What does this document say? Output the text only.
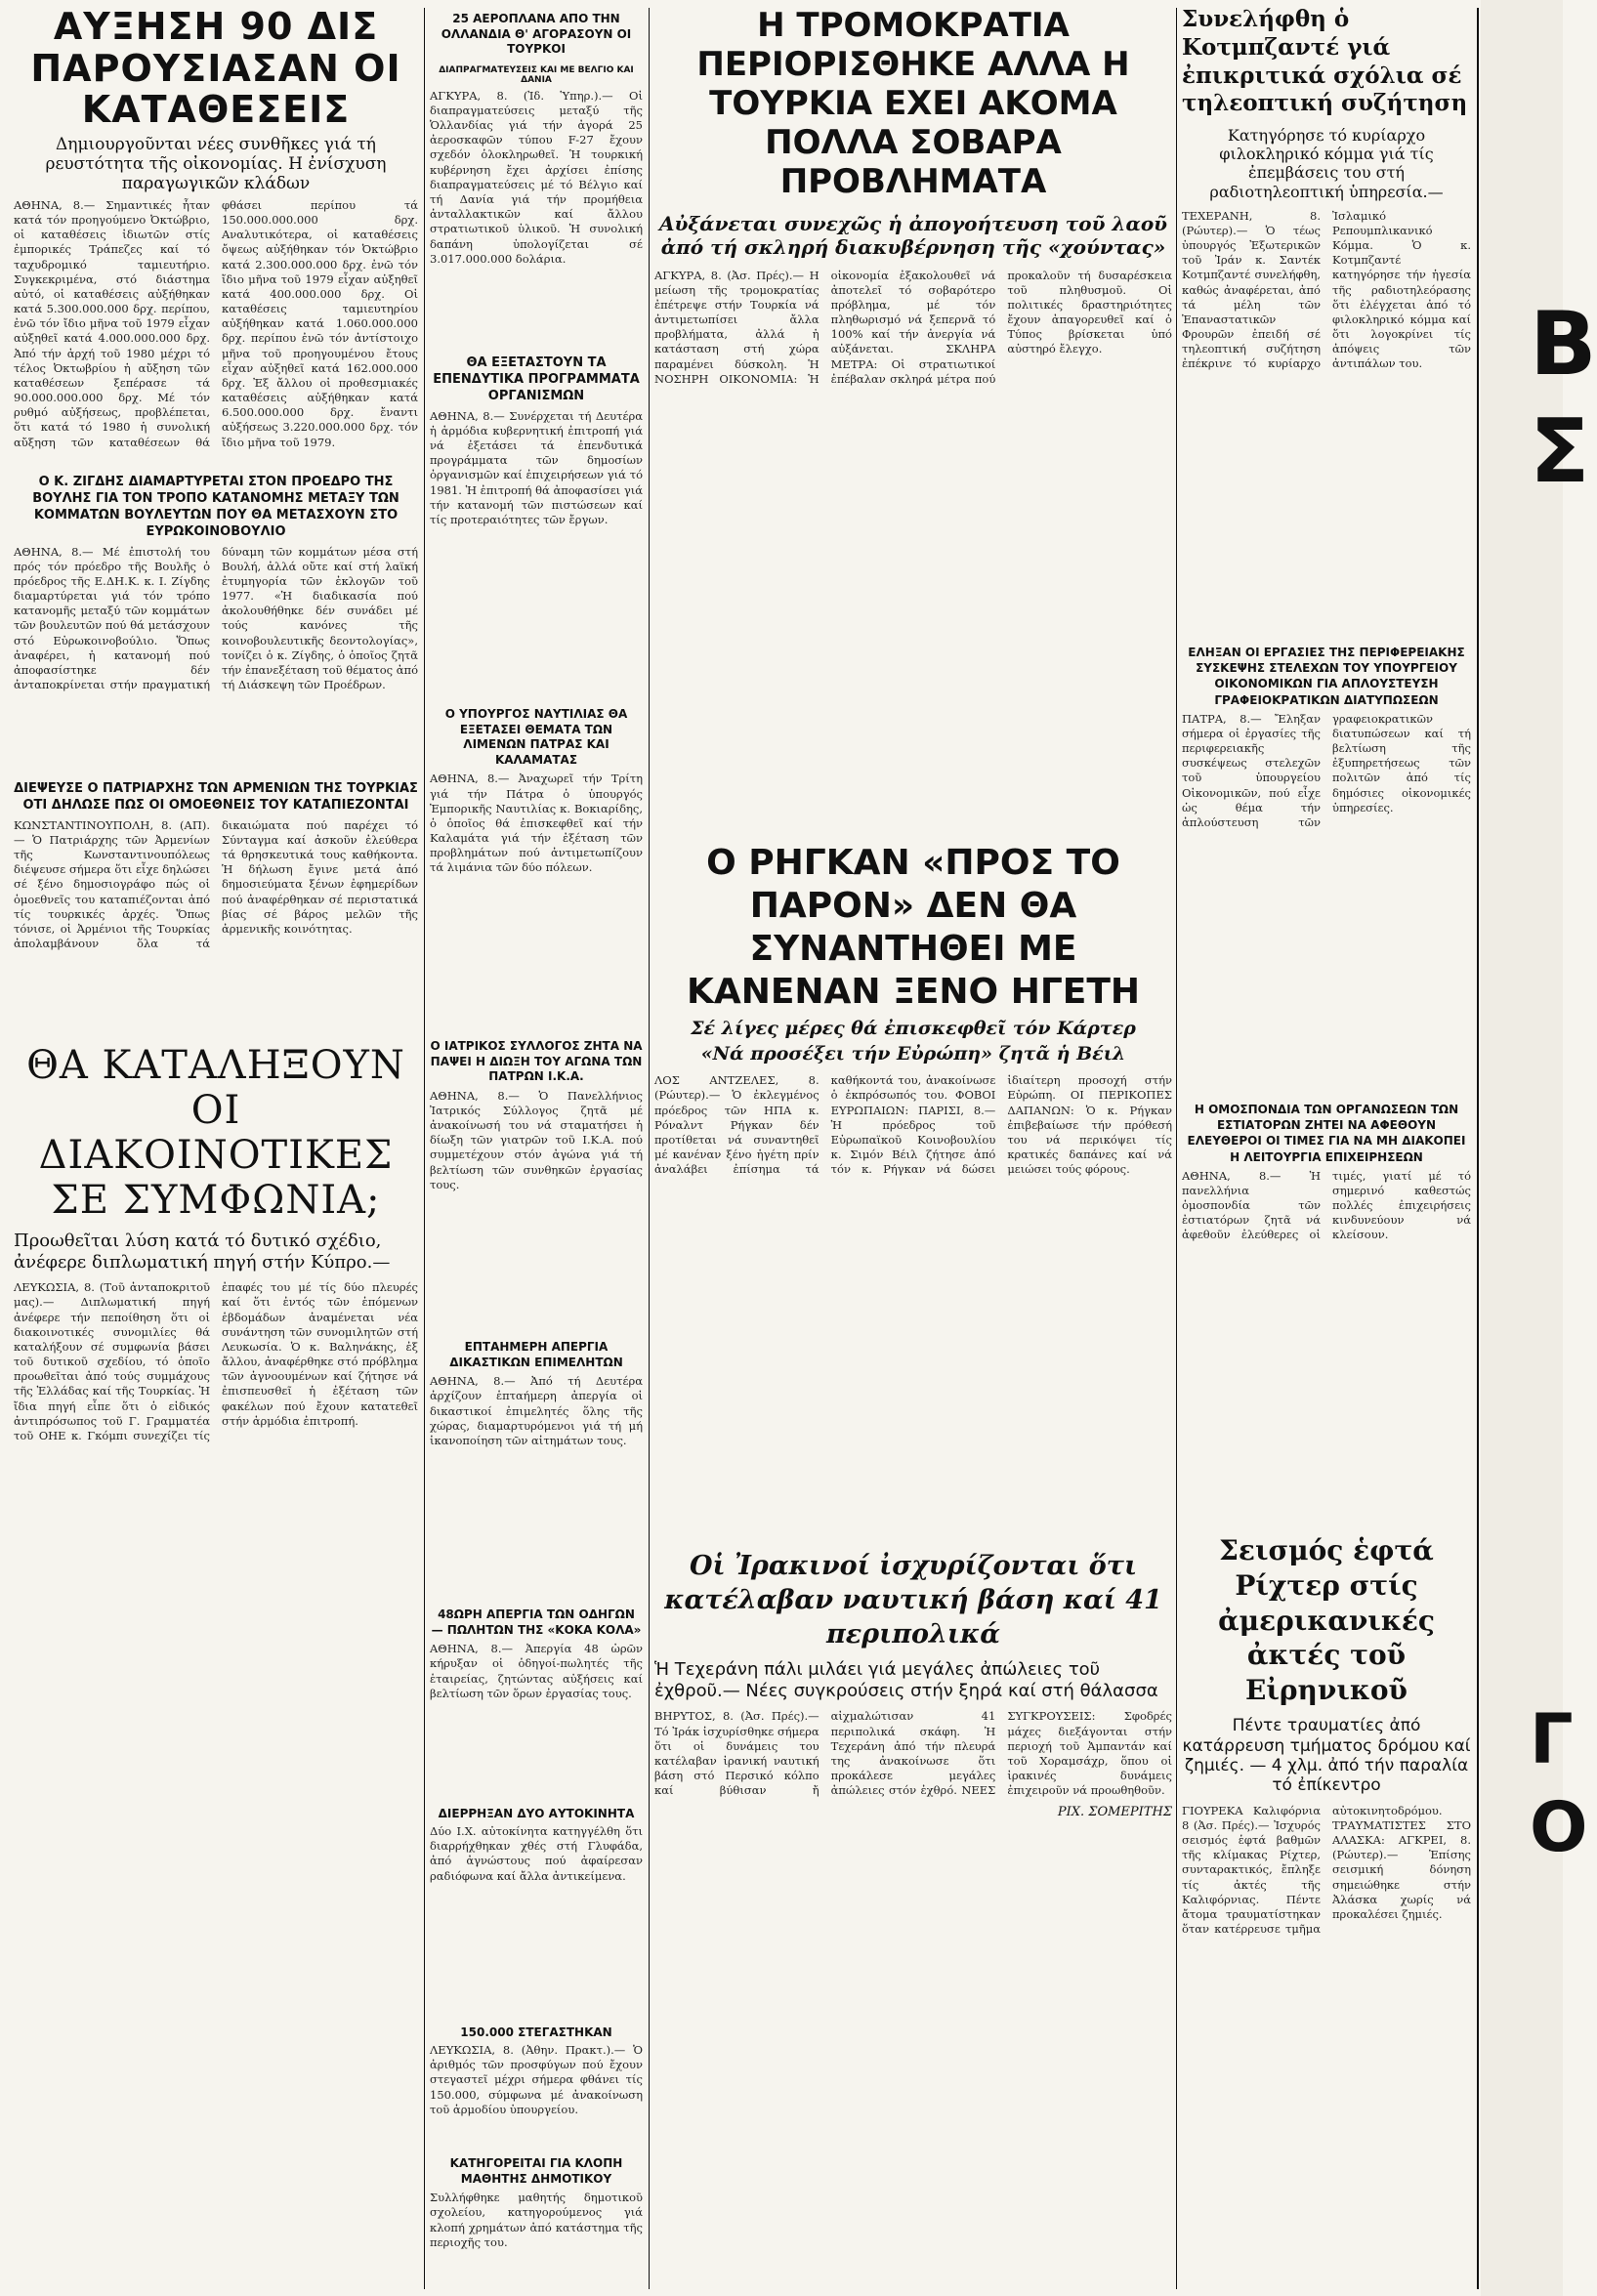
ΑΥΞΗΣΗ 90 ΔΙΣ ΠΑΡΟΥΣΙΑΣΑΝ ΟΙ ΚΑΤΑΘΕΣΕΙΣ
Δημιουργοῦνται νέες συνθῆκες γιά τή ρευστότητα τῆς οἰκονομίας. Η ἐνίσχυση παραγωγικῶν κλάδων
ΑΘΗΝΑ, 8.— Σημαντικές ἦταν κατά τόν προηγούμενο Ὀκτώβριο, οἱ καταθέσεις ἰδιωτῶν στίς ἐμπορικές Τράπεζες καί τό ταχυδρομικό ταμιευτήριο. Συγκεκριμένα, στό διάστημα αὐτό, οἱ καταθέσεις αὐξήθηκαν κατά 5.300.000.000 δρχ. περίπου, ἐνῶ τόν ἴδιο μῆνα τοῦ 1979 εἶχαν αὐξηθεῖ κατά 4.000.000.000 δρχ. Ἀπό τήν ἀρχή τοῦ 1980 μέχρι τό τέλος Ὀκτωβρίου ἡ αὔξηση τῶν καταθέσεων ξεπέρασε τά 90.000.000.000 δρχ. Μέ τόν ρυθμό αὐξήσεως, προβλέπεται, ὅτι κατά τό 1980 ἡ συνολική αὔξηση τῶν καταθέσεων θά φθάσει περίπου τά 150.000.000.000 δρχ. Αναλυτικότερα, οἱ καταθέσεις ὄψεως αὐξήθηκαν τόν Ὀκτώβριο κατά 2.300.000.000 δρχ. ἐνῶ τόν ἴδιο μῆνα τοῦ 1979 εἶχαν αὐξηθεῖ κατά 400.000.000 δρχ. Οἱ καταθέσεις ταμιευτηρίου αὐξήθηκαν κατά 1.060.000.000 δρχ. περίπου ἐνῶ τόν ἀντίστοιχο μῆνα τοῦ προηγουμένου ἔτους εἶχαν αὐξηθεῖ κατά 162.000.000 δρχ. Ἐξ ἄλλου οἱ προθεσμιακές καταθέσεις αὐξήθηκαν κατά 6.500.000.000 δρχ. ἔναντι αὐξήσεως 3.220.000.000 δρχ. τόν ἴδιο μῆνα τοῦ 1979.
Ο Κ. ΖΙΓΔΗΣ ΔΙΑΜΑΡΤΥΡΕΤΑΙ ΣΤΟΝ ΠΡΟΕΔΡΟ ΤΗΣ ΒΟΥΛΗΣ ΓΙΑ ΤΟΝ ΤΡΟΠΟ ΚΑΤΑΝΟΜΗΣ ΜΕΤΑΞΥ ΤΩΝ ΚΟΜΜΑΤΩΝ ΒΟΥΛΕΥΤΩΝ ΠΟΥ ΘΑ ΜΕΤΑΣΧΟΥΝ ΣΤΟ ΕΥΡΩΚΟΙΝΟΒΟΥΛΙΟ
ΑΘΗΝΑ, 8.— Μέ ἐπιστολή του πρός τόν πρόεδρο τῆς Βουλῆς ὁ πρόεδρος τῆς Ε.ΔΗ.Κ. κ. Ι. Ζίγδης διαμαρτύρεται γιά τόν τρόπο κατανομῆς μεταξύ τῶν κομμάτων τῶν βουλευτῶν πού θά μετάσχουν στό Εὐρωκοινοβούλιο. Ὅπως ἀναφέρει, ἡ κατανομή πού ἀποφασίστηκε δέν ἀνταποκρίνεται στήν πραγματική δύναμη τῶν κομμάτων μέσα στή Βουλή, ἀλλά οὔτε καί στή λαϊκή ἐτυμηγορία τῶν ἐκλογῶν τοῦ 1977. «Ἡ διαδικασία πού ἀκολουθήθηκε δέν συνάδει μέ τούς κανόνες τῆς κοινοβουλευτικῆς δεοντολογίας», τονίζει ὁ κ. Ζίγδης, ὁ ὁποῖος ζητᾶ τήν ἐπανεξέταση τοῦ θέματος ἀπό τή Διάσκεψη τῶν Προέδρων.
ΔΙΕΨΕΥΣΕ Ο ΠΑΤΡΙΑΡΧΗΣ ΤΩΝ ΑΡΜΕΝΙΩΝ ΤΗΣ ΤΟΥΡΚΙΑΣ ΟΤΙ ΔΗΛΩΣΕ ΠΩΣ ΟΙ ΟΜΟΕΘΝΕΙΣ ΤΟΥ ΚΑΤΑΠΙΕΖΟΝΤΑΙ
ΚΩΝΣΤΑΝΤΙΝΟΥΠΟΛΗ, 8. (ΑΠ).— Ὁ Πατριάρχης τῶν Ἀρμενίων τῆς Κωνσταντινουπόλεως διέψευσε σήμερα ὅτι εἶχε δηλώσει σέ ξένο δημοσιογράφο πώς οἱ ὁμοεθνεῖς του καταπιέζονται ἀπό τίς τουρκικές ἀρχές. Ὅπως τόνισε, οἱ Ἀρμένιοι τῆς Τουρκίας ἀπολαμβάνουν ὅλα τά δικαιώματα πού παρέχει τό Σύνταγμα καί ἀσκοῦν ἐλεύθερα τά θρησκευτικά τους καθήκοντα. Ἡ δήλωση ἔγινε μετά ἀπό δημοσιεύματα ξένων ἐφημερίδων πού ἀναφέρθηκαν σέ περιστατικά βίας σέ βάρος μελῶν τῆς ἀρμενικῆς κοινότητας.
ΘΑ ΚΑΤΑΛΗΞΟΥΝ ΟΙ ΔΙΑΚΟΙΝΟΤΙΚΕΣ ΣΕ ΣΥΜΦΩΝΙΑ;
Προωθεῖται λύση κατά τό δυτικό σχέδιο, ἀνέφερε διπλωματική πηγή στήν Κύπρο.—
ΛΕΥΚΩΣΙΑ, 8. (Τοῦ ἀνταποκριτοῦ μας).— Διπλωματική πηγή ἀνέφερε τήν πεποίθηση ὅτι οἱ διακοινοτικές συνομιλίες θά καταλήξουν σέ συμφωνία βάσει τοῦ δυτικοῦ σχεδίου, τό ὁποῖο προωθεῖται ἀπό τούς συμμάχους τῆς Ἑλλάδας καί τῆς Τουρκίας. Ἡ ἴδια πηγή εἶπε ὅτι ὁ εἰδικός ἀντιπρόσωπος τοῦ Γ. Γραμματέα τοῦ ΟΗΕ κ. Γκόμπι συνεχίζει τίς ἐπαφές του μέ τίς δύο πλευρές καί ὅτι ἐντός τῶν ἑπόμενων ἑβδομάδων ἀναμένεται νέα συνάντηση τῶν συνομιλητῶν στή Λευκωσία. Ὁ κ. Βαληνάκης, ἐξ ἄλλου, ἀναφέρθηκε στό πρόβλημα τῶν ἀγνοουμένων καί ζήτησε νά ἐπισπευσθεῖ ἡ ἐξέταση τῶν φακέλων πού ἔχουν κατατεθεῖ στήν ἁρμόδια ἐπιτροπή.
25 ΑΕΡΟΠΛΑΝΑ ΑΠΟ ΤΗΝ ΟΛΛΑΝΔΙΑ Θ' ΑΓΟΡΑΣΟΥΝ ΟΙ ΤΟΥΡΚΟΙ
ΔΙΑΠΡΑΓΜΑΤΕΥΣΕΙΣ ΚΑΙ ΜΕ ΒΕΛΓΙΟ ΚΑΙ ΔΑΝΙΑ
ΑΓΚΥΡΑ, 8. (Ἰδ. Ὑπηρ.).— Οἱ διαπραγματεύσεις μεταξύ τῆς Ὁλλανδίας γιά τήν ἀγορά 25 ἀεροσκαφῶν τύπου F-27 ἔχουν σχεδόν ὁλοκληρωθεῖ. Ἡ τουρκική κυβέρνηση ἔχει ἀρχίσει ἐπίσης διαπραγματεύσεις μέ τό Βέλγιο καί τή Δανία γιά τήν προμήθεια ἀνταλλακτικῶν καί ἄλλου στρατιωτικοῦ ὑλικοῦ. Ἡ συνολική δαπάνη ὑπολογίζεται σέ 3.017.000.000 δολάρια.
ΘΑ ΕΞΕΤΑΣΤΟΥΝ ΤΑ ΕΠΕΝΔΥΤΙΚΑ ΠΡΟΓΡΑΜΜΑΤΑ ΟΡΓΑΝΙΣΜΩΝ
ΑΘΗΝΑ, 8.— Συνέρχεται τή Δευτέρα ἡ ἁρμόδια κυβερνητική ἐπιτροπή γιά νά ἐξετάσει τά ἐπενδυτικά προγράμματα τῶν δημοσίων ὀργανισμῶν καί ἐπιχειρήσεων γιά τό 1981. Ἡ ἐπιτροπή θά ἀποφασίσει γιά τήν κατανομή τῶν πιστώσεων καί τίς προτεραιότητες τῶν ἔργων.
Ο ΥΠΟΥΡΓΟΣ ΝΑΥΤΙΛΙΑΣ ΘΑ ΕΞΕΤΑΣΕΙ ΘΕΜΑΤΑ ΤΩΝ ΛΙΜΕΝΩΝ ΠΑΤΡΑΣ ΚΑΙ ΚΑΛΑΜΑΤΑΣ
ΑΘΗΝΑ, 8.— Ἀναχωρεῖ τήν Τρίτη γιά τήν Πάτρα ὁ ὑπουργός Ἐμπορικῆς Ναυτιλίας κ. Βοκιαρίδης, ὁ ὁποῖος θά ἐπισκεφθεῖ καί τήν Καλαμάτα γιά τήν ἐξέταση τῶν προβλημάτων πού ἀντιμετωπίζουν τά λιμάνια τῶν δύο πόλεων.
Ο ΙΑΤΡΙΚΟΣ ΣΥΛΛΟΓΟΣ ΖΗΤΑ ΝΑ ΠΑΨΕΙ Η ΔΙΩΞΗ ΤΟΥ ΑΓΩΝΑ ΤΩΝ ΠΑΤΡΩΝ Ι.Κ.Α.
ΑΘΗΝΑ, 8.— Ὁ Πανελλήνιος Ἰατρικός Σύλλογος ζητᾶ μέ ἀνακοίνωσή του νά σταματήσει ἡ δίωξη τῶν γιατρῶν τοῦ Ι.Κ.Α. πού συμμετέχουν στόν ἀγώνα γιά τή βελτίωση τῶν συνθηκῶν ἐργασίας τους.
ΕΠΤΑΗΜΕΡΗ ΑΠΕΡΓΙΑ ΔΙΚΑΣΤΙΚΩΝ ΕΠΙΜΕΛΗΤΩΝ
ΑΘΗΝΑ, 8.— Ἀπό τή Δευτέρα ἀρχίζουν ἑπταήμερη ἀπεργία οἱ δικαστικοί ἐπιμελητές ὅλης τῆς χώρας, διαμαρτυρόμενοι γιά τή μή ἱκανοποίηση τῶν αἰτημάτων τους.
48ΩΡΗ ΑΠΕΡΓΙΑ ΤΩΝ ΟΔΗΓΩΝ — ΠΩΛΗΤΩΝ ΤΗΣ «ΚΟΚΑ ΚΟΛΑ»
ΑΘΗΝΑ, 8.— Ἀπεργία 48 ὡρῶν κήρυξαν οἱ ὁδηγοί-πωλητές τῆς ἑταιρείας, ζητώντας αὐξήσεις καί βελτίωση τῶν ὅρων ἐργασίας τους.
ΔΙΕΡΡΗΞΑΝ ΔΥΟ ΑΥΤΟΚΙΝΗΤΑ
Δύο Ι.Χ. αὐτοκίνητα κατηγγέλθη ὅτι διαρρήχθηκαν χθές στή Γλυφάδα, ἀπό ἀγνώστους πού ἀφαίρεσαν ραδιόφωνα καί ἄλλα ἀντικείμενα.
150.000 ΣΤΕΓΑΣΤΗΚΑΝ
ΛΕΥΚΩΣΙΑ, 8. (Ἀθην. Πρακτ.).— Ὁ ἀριθμός τῶν προσφύγων πού ἔχουν στεγαστεῖ μέχρι σήμερα φθάνει τίς 150.000, σύμφωνα μέ ἀνακοίνωση τοῦ ἁρμοδίου ὑπουργείου.
ΚΑΤΗΓΟΡΕΙΤΑΙ ΓΙΑ ΚΛΟΠΗ ΜΑΘΗΤΗΣ ΔΗΜΟΤΙΚΟΥ
Συλλήφθηκε μαθητής δημοτικοῦ σχολείου, κατηγορούμενος γιά κλοπή χρημάτων ἀπό κατάστημα τῆς περιοχῆς του.
Η ΤΡΟΜΟΚΡΑΤΙΑ ΠΕΡΙΟΡΙΣΘΗΚΕ ΑΛΛΑ Η ΤΟΥΡΚΙΑ ΕΧΕΙ ΑΚΟΜΑ ΠΟΛΛΑ ΣΟΒΑΡΑ ΠΡΟΒΛΗΜΑΤΑ
Αὐξάνεται συνεχῶς ἡ ἀπογοήτευση τοῦ λαοῦ ἀπό τή σκληρή διακυβέρνηση τῆς «χούντας»
ΑΓΚΥΡΑ, 8. (Ἀσ. Πρές).— Η μείωση τῆς τρομοκρατίας ἐπέτρεψε στήν Τουρκία νά ἀντιμετωπίσει ἄλλα προβλήματα, ἀλλά ἡ κατάσταση στή χώρα παραμένει δύσκολη. Ἡ ΝΟΣΗΡΗ ΟΙΚΟΝΟΜΙΑ: Ἡ οἰκονομία ἐξακολουθεῖ νά ἀποτελεῖ τό σοβαρότερο πρόβλημα, μέ τόν πληθωρισμό νά ξεπερνᾶ τό 100% καί τήν ἀνεργία νά αὐξάνεται. ΣΚΛΗΡΑ ΜΕΤΡΑ: Οἱ στρατιωτικοί ἐπέβαλαν σκληρά μέτρα πού προκαλοῦν τή δυσαρέσκεια τοῦ πληθυσμοῦ. Οἱ πολιτικές δραστηριότητες ἔχουν ἀπαγορευθεῖ καί ὁ Τύπος βρίσκεται ὑπό αὐστηρό ἔλεγχο.
Ο ΡΗΓΚΑΝ «ΠΡΟΣ ΤΟ ΠΑΡΟΝ» ΔΕΝ ΘΑ ΣΥΝΑΝΤΗΘΕΙ ΜΕ ΚΑΝΕΝΑΝ ΞΕΝΟ ΗΓΕΤΗ
Σέ λίγες μέρες θά ἐπισκεφθεῖ τόν Κάρτερ
«Νά προσέξει τήν Εὐρώπη» ζητᾶ ἡ Βέιλ
ΛΟΣ ΑΝΤΖΕΛΕΣ, 8. (Ρώυτερ).— Ὁ ἐκλεγμένος πρόεδρος τῶν ΗΠΑ κ. Ρόναλντ Ρήγκαν δέν προτίθεται νά συναντηθεῖ μέ κανέναν ξένο ἡγέτη πρίν ἀναλάβει ἐπίσημα τά καθήκοντά του, ἀνακοίνωσε ὁ ἐκπρόσωπός του. ΦΟΒΟΙ ΕΥΡΩΠΑΙΩΝ: ΠΑΡΙΣΙ, 8.— Ἡ πρόεδρος τοῦ Εὐρωπαϊκοῦ Κοινοβουλίου κ. Σιμόν Βέιλ ζήτησε ἀπό τόν κ. Ρήγκαν νά δώσει ἰδιαίτερη προσοχή στήν Εὐρώπη. ΟΙ ΠΕΡΙΚΟΠΕΣ ΔΑΠΑΝΩΝ: Ὁ κ. Ρήγκαν ἐπιβεβαίωσε τήν πρόθεσή του νά περικόψει τίς κρατικές δαπάνες καί νά μειώσει τούς φόρους.
Οἱ Ἰρακινοί ἰσχυρίζονται ὅτι κατέλαβαν ναυτική βάση καί 41 περιπολικά
Ἡ Τεχεράνη πάλι μιλάει γιά μεγάλες ἀπώλειες τοῦ ἐχθροῦ.— Νέες συγκρούσεις στήν ξηρά καί στή θάλασσα
ΒΗΡΥΤΟΣ, 8. (Ἀσ. Πρές).— Τό Ἰράκ ἰσχυρίσθηκε σήμερα ὅτι οἱ δυνάμεις του κατέλαβαν ἰρανική ναυτική βάση στό Περσικό κόλπο καί βύθισαν ἤ αἰχμαλώτισαν 41 περιπολικά σκάφη. Ἡ Τεχεράνη ἀπό τήν πλευρά της ἀνακοίνωσε ὅτι προκάλεσε μεγάλες ἀπώλειες στόν ἐχθρό. ΝΕΕΣ ΣΥΓΚΡΟΥΣΕΙΣ: Σφοδρές μάχες διεξάγονται στήν περιοχή τοῦ Ἀμπαντάν καί τοῦ Χοραμσάχρ, ὅπου οἱ ἰρακινές δυνάμεις ἐπιχειροῦν νά προωθηθοῦν.
ΡΙΧ. ΣΟΜΕΡΙΤΗΣ
Συνελήφθη ὁ Κοτμπζαντέ γιά ἐπικριτικά σχόλια σέ τηλεοπτική συζήτηση
Κατηγόρησε τό κυρίαρχο φιλοκληρικό κόμμα γιά τίς ἐπεμβάσεις του στή ραδιοτηλεοπτική ὑπηρεσία.—
ΤΕΧΕΡΑΝΗ, 8. (Ρώυτερ).— Ὁ τέως ὑπουργός Ἐξωτερικῶν τοῦ Ἰράν κ. Σαντέκ Κοτμπζαντέ συνελήφθη, καθώς ἀναφέρεται, ἀπό τά μέλη τῶν Ἐπαναστατικῶν Φρουρῶν ἐπειδή σέ τηλεοπτική συζήτηση ἐπέκρινε τό κυρίαρχο Ἰσλαμικό Ρεπουμπλικανικό Κόμμα. Ὁ κ. Κοτμπζαντέ κατηγόρησε τήν ἡγεσία τῆς ραδιοτηλεόρασης ὅτι ἐλέγχεται ἀπό τό φιλοκληρικό κόμμα καί ὅτι λογοκρίνει τίς ἀπόψεις τῶν ἀντιπάλων του.
ΕΛΗΞΑΝ ΟΙ ΕΡΓΑΣΙΕΣ ΤΗΣ ΠΕΡΙΦΕΡΕΙΑΚΗΣ ΣΥΣΚΕΨΗΣ ΣΤΕΛΕΧΩΝ ΤΟΥ ΥΠΟΥΡΓΕΙΟΥ ΟΙΚΟΝΟΜΙΚΩΝ ΓΙΑ ΑΠΛΟΥΣΤΕΥΣΗ ΓΡΑΦΕΙΟΚΡΑΤΙΚΩΝ ΔΙΑΤΥΠΩΣΕΩΝ
ΠΑΤΡΑ, 8.— Ἔληξαν σήμερα οἱ ἐργασίες τῆς περιφερειακῆς συσκέψεως στελεχῶν τοῦ ὑπουργείου Οἰκονομικῶν, πού εἶχε ὡς θέμα τήν ἀπλούστευση τῶν γραφειοκρατικῶν διατυπώσεων καί τή βελτίωση τῆς ἐξυπηρετήσεως τῶν πολιτῶν ἀπό τίς δημόσιες οἰκονομικές ὑπηρεσίες.
Η ΟΜΟΣΠΟΝΔΙΑ ΤΩΝ ΟΡΓΑΝΩΣΕΩΝ ΤΩΝ ΕΣΤΙΑΤΟΡΩΝ ΖΗΤΕΙ ΝΑ ΑΦΕΘΟΥΝ ΕΛΕΥΘΕΡΟΙ ΟΙ ΤΙΜΕΣ ΓΙΑ ΝΑ ΜΗ ΔΙΑΚΟΠΕΙ Η ΛΕΙΤΟΥΡΓΙΑ ΕΠΙΧΕΙΡΗΣΕΩΝ
ΑΘΗΝΑ, 8.— Ἡ πανελλήνια ὁμοσπονδία τῶν ἐστιατόρων ζητᾶ νά ἀφεθοῦν ἐλεύθερες οἱ τιμές, γιατί μέ τό σημερινό καθεστώς πολλές ἐπιχειρήσεις κινδυνεύουν νά κλείσουν.
Σεισμός ἑφτά Ρίχτερ στίς ἀμερικανικές ἀκτές τοῦ Εἰρηνικοῦ
Πέντε τραυματίες ἀπό κατάρρευση τμήματος δρόμου καί ζημιές. — 4 χλμ. ἀπό τήν παραλία τό ἐπίκεντρο
ΓΙΟΥΡΕΚΑ Καλιφόρνια 8 (Ἀσ. Πρές).— Ἰσχυρός σεισμός ἑφτά βαθμῶν τῆς κλίμακας Ρίχτερ, συνταρακτικός, ἔπληξε τίς ἀκτές τῆς Καλιφόρνιας. Πέντε ἄτομα τραυματίστηκαν ὅταν κατέρρευσε τμῆμα αὐτοκινητοδρόμου. ΤΡΑΥΜΑΤΙΣΤΕΣ ΣΤΟ ΑΛΑΣΚΑ: ΑΓΚΡΕΙ, 8. (Ρώυτερ).— Ἐπίσης σεισμική δόνηση σημειώθηκε στήν Ἀλάσκα χωρίς νά προκαλέσει ζημιές.
Β
Σ
Γ
Ο
